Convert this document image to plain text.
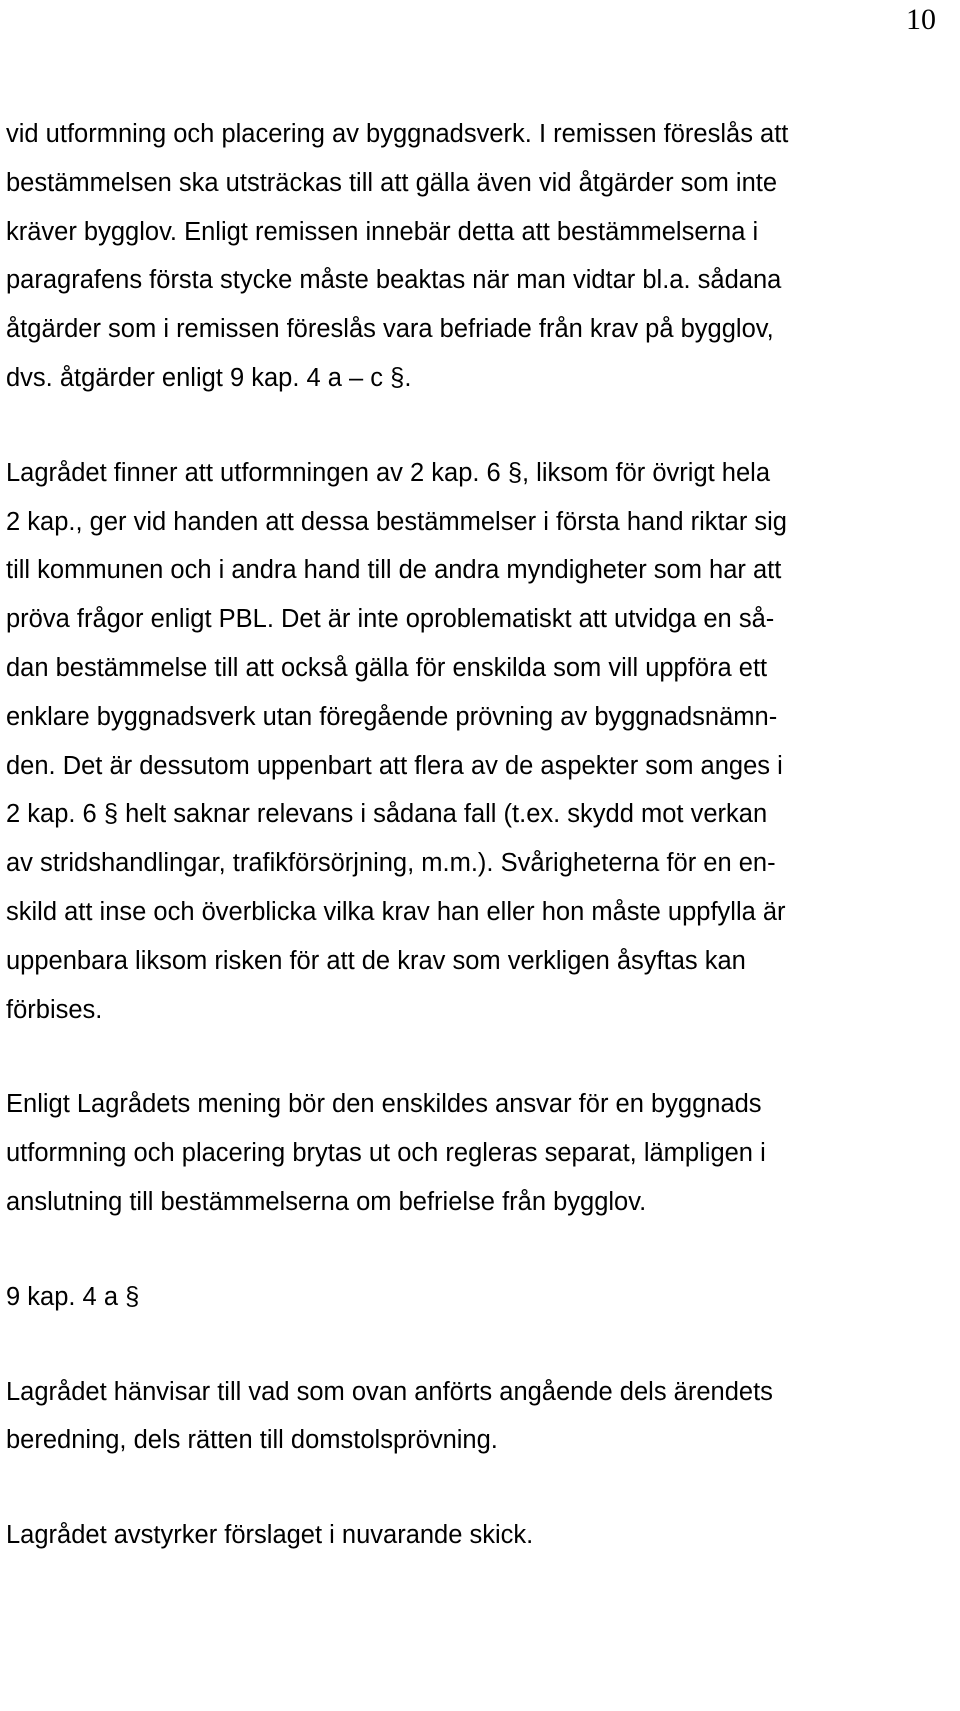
10

vid utformning och placering av byggnadsverk. I remissen föreslås att
bestämmelsen ska utsträckas till att gälla även vid åtgärder som inte
kräver bygglov. Enligt remissen innebär detta att bestämmelserna i
paragrafens första stycke måste beaktas när man vidtar bl.a. sådana
åtgärder som i remissen föreslås vara befriade från krav på bygglov,
dvs. åtgärder enligt 9 kap. 4 a – c §.

Lagrådet finner att utformningen av 2 kap. 6 §, liksom för övrigt hela
2 kap., ger vid handen att dessa bestämmelser i första hand riktar sig
till kommunen och i andra hand till de andra myndigheter som har att
pröva frågor enligt PBL. Det är inte oproblematiskt att utvidga en så-
dan bestämmelse till att också gälla för enskilda som vill uppföra ett
enklare byggnadsverk utan föregående prövning av byggnadsnämn-
den. Det är dessutom uppenbart att flera av de aspekter som anges i
2 kap. 6 § helt saknar relevans i sådana fall (t.ex. skydd mot verkan
av stridshandlingar, trafikförsörjning, m.m.). Svårigheterna för en en-
skild att inse och överblicka vilka krav han eller hon måste uppfylla är
uppenbara liksom risken för att de krav som verkligen åsyftas kan
förbises.

Enligt Lagrådets mening bör den enskildes ansvar för en byggnads
utformning och placering brytas ut och regleras separat, lämpligen i
anslutning till bestämmelserna om befrielse från bygglov.

9 kap. 4 a §

Lagrådet hänvisar till vad som ovan anförts angående dels ärendets
beredning, dels rätten till domstolsprövning.

Lagrådet avstyrker förslaget i nuvarande skick.
